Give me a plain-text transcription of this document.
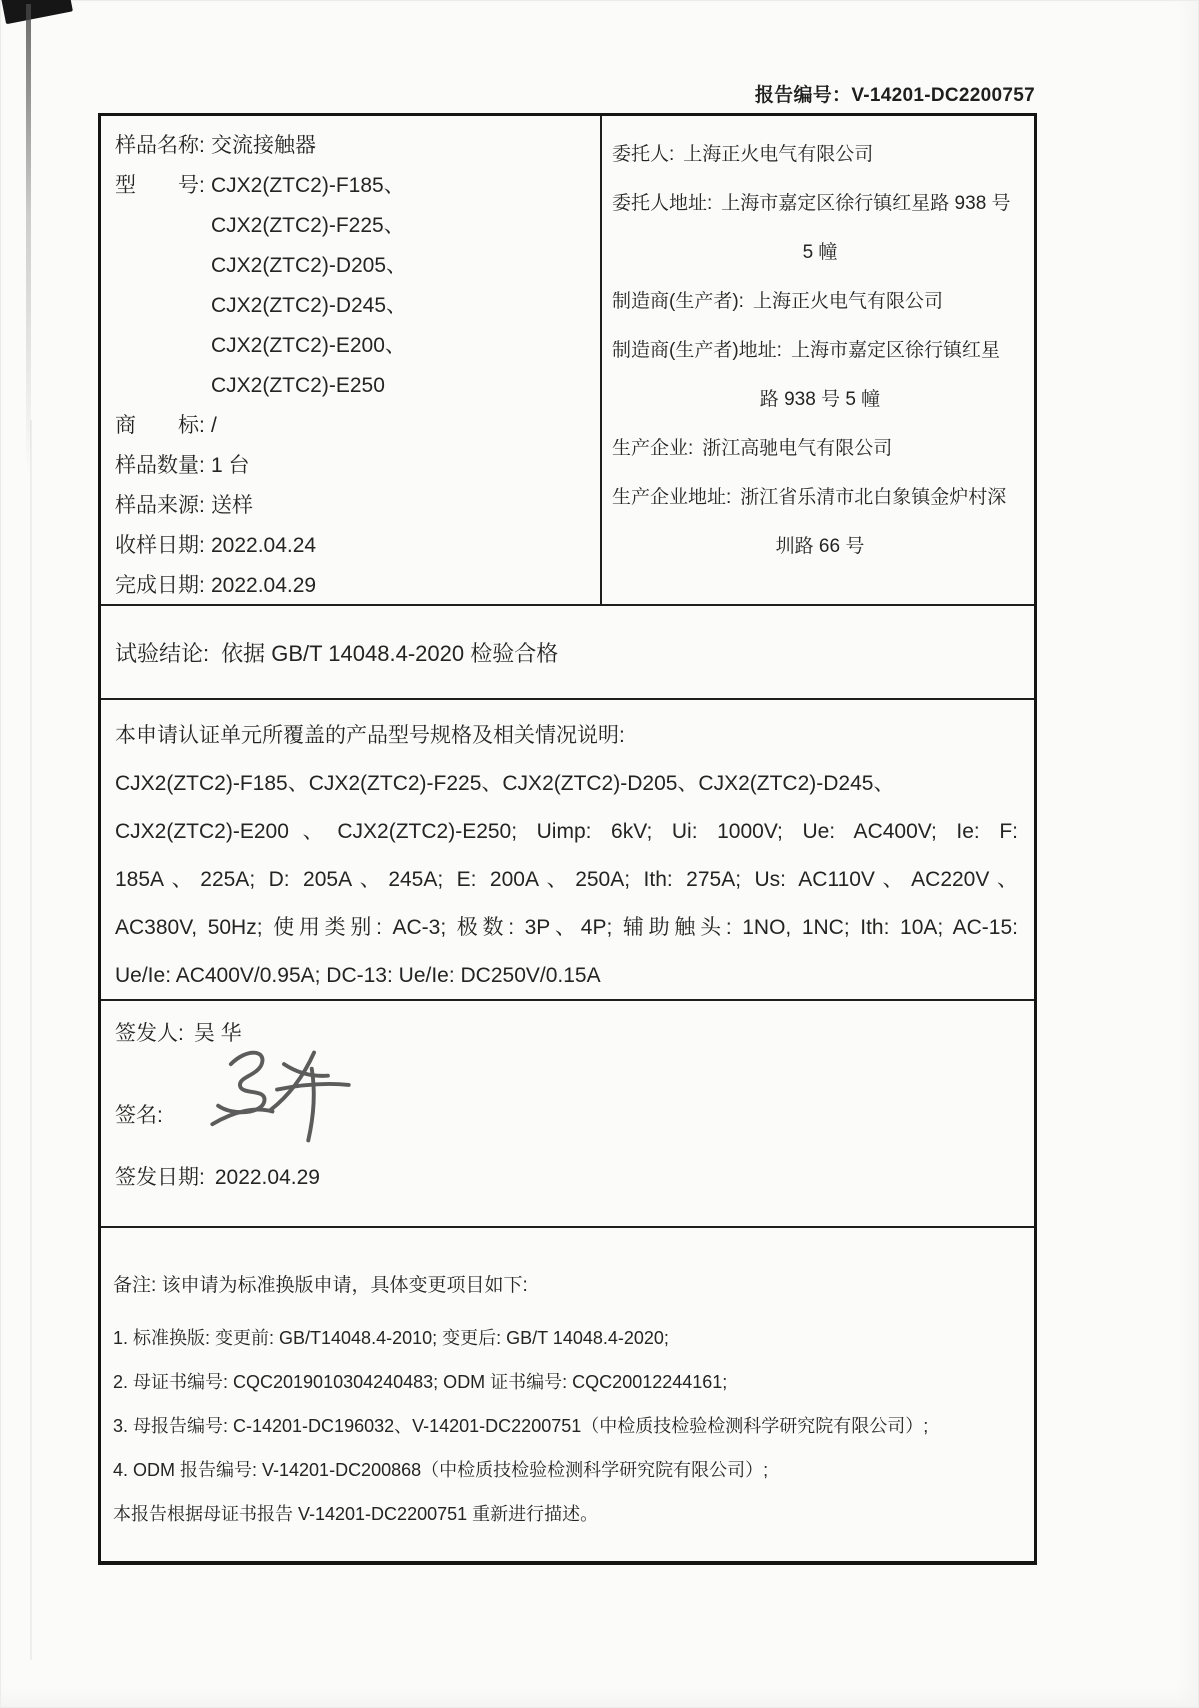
报告编号：V-14201-DC2200757
样品名称: 交流接触器
型　　号: CJX2(ZTC2)-F185、
CJX2(ZTC2)-F225、
CJX2(ZTC2)-D205、
CJX2(ZTC2)-D245、
CJX2(ZTC2)-E200、
CJX2(ZTC2)-E250
商　　标: /
样品数量: 1 台
样品来源: 送样
收样日期: 2022.04.24
完成日期: 2022.04.29
委托人: 上海正火电气有限公司
委托人地址: 上海市嘉定区徐行镇红星路 938 号
5 幢
制造商(生产者): 上海正火电气有限公司
制造商(生产者)地址: 上海市嘉定区徐行镇红星
路 938 号 5 幢
生产企业: 浙江高驰电气有限公司
生产企业地址: 浙江省乐清市北白象镇金炉村深
圳路 66 号
试验结论: 依据 GB/T 14048.4-2020 检验合格
本申请认证单元所覆盖的产品型号规格及相关情况说明:
CJX2(ZTC2)-F185、CJX2(ZTC2)-F225、CJX2(ZTC2)-D205、CJX2(ZTC2)-D245、
CJX2(ZTC2)-E200、CJX2(ZTC2)-E250; Uimp: 6kV; Ui: 1000V; Ue: AC400V; Ie: F:
185A、225A; D: 205A、245A; E: 200A、250A; Ith: 275A; Us: AC110V、AC220V、
AC380V, 50Hz; 使用类别: AC-3; 极数: 3P、4P; 辅助触头: 1NO, 1NC; Ith: 10A; AC-15:
Ue/Ie: AC400V/0.95A; DC-13: Ue/Ie: DC250V/0.15A
签发人: 吴 华
签名:
签发日期: 2022.04.29
备注: 该申请为标准换版申请，具体变更项目如下:
1. 标准换版: 变更前: GB/T14048.4-2010; 变更后: GB/T 14048.4-2020;
2. 母证书编号: CQC2019010304240483; ODM 证书编号: CQC20012244161;
3. 母报告编号: C-14201-DC196032、V-14201-DC2200751（中检质技检验检测科学研究院有限公司）;
4. ODM 报告编号: V-14201-DC200868（中检质技检验检测科学研究院有限公司）;
本报告根据母证书报告 V-14201-DC2200751 重新进行描述。
